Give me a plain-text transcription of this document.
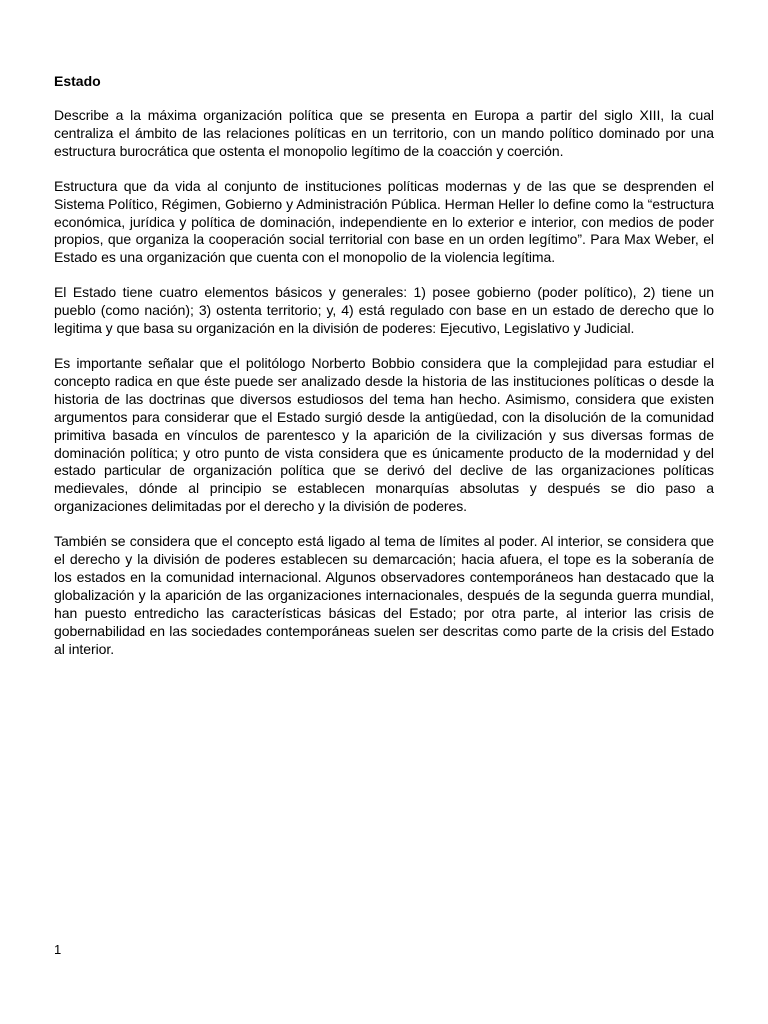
Estado

Describe a la máxima organización política que se presenta en Europa a partir del siglo XIII, la cual centraliza el ámbito de las relaciones políticas en un territorio, con un mando político dominado por una estructura burocrática que ostenta el monopolio legítimo de la coacción y coerción.

Estructura que da vida al conjunto de instituciones políticas modernas y de las que se desprenden el Sistema Político, Régimen, Gobierno y Administración Pública. Herman Heller lo define como la “estructura económica, jurídica y política de dominación, independiente en lo exterior e interior, con medios de poder propios, que organiza la cooperación social territorial con base en un orden legítimo”. Para Max Weber, el Estado es una organización que cuenta con el monopolio de la violencia legítima.

El Estado tiene cuatro elementos básicos y generales: 1) posee gobierno (poder político), 2) tiene un pueblo (como nación); 3) ostenta territorio; y, 4) está regulado con base en un estado de derecho que lo legitima y que basa su organización en la división de poderes: Ejecutivo, Legislativo y Judicial.

Es importante señalar que el politólogo Norberto Bobbio considera que la complejidad para estudiar el concepto radica en que éste puede ser analizado desde la historia de las instituciones políticas o desde la historia de las doctrinas que diversos estudiosos del tema han hecho. Asimismo, considera que existen argumentos para considerar que el Estado surgió desde la antigüedad, con la disolución de la comunidad primitiva basada en vínculos de parentesco y la aparición de la civilización y sus diversas formas de dominación política; y otro punto de vista considera que es únicamente producto de la modernidad y del estado particular de organización política que se derivó del declive de las organizaciones políticas medievales, dónde al principio se establecen monarquías absolutas y después se dio paso a organizaciones delimitadas por el derecho y la división de poderes.

También se considera que el concepto está ligado al tema de límites al poder. Al interior, se considera que el derecho y la división de poderes establecen su demarcación; hacia afuera, el tope es la soberanía de los estados en la comunidad internacional. Algunos observadores contemporáneos han destacado que la globalización y la aparición de las organizaciones internacionales, después de la segunda guerra mundial, han puesto entredicho las características básicas del Estado; por otra parte, al interior las crisis de gobernabilidad en las sociedades contemporáneas suelen ser descritas como parte de la crisis del Estado al interior.

1
